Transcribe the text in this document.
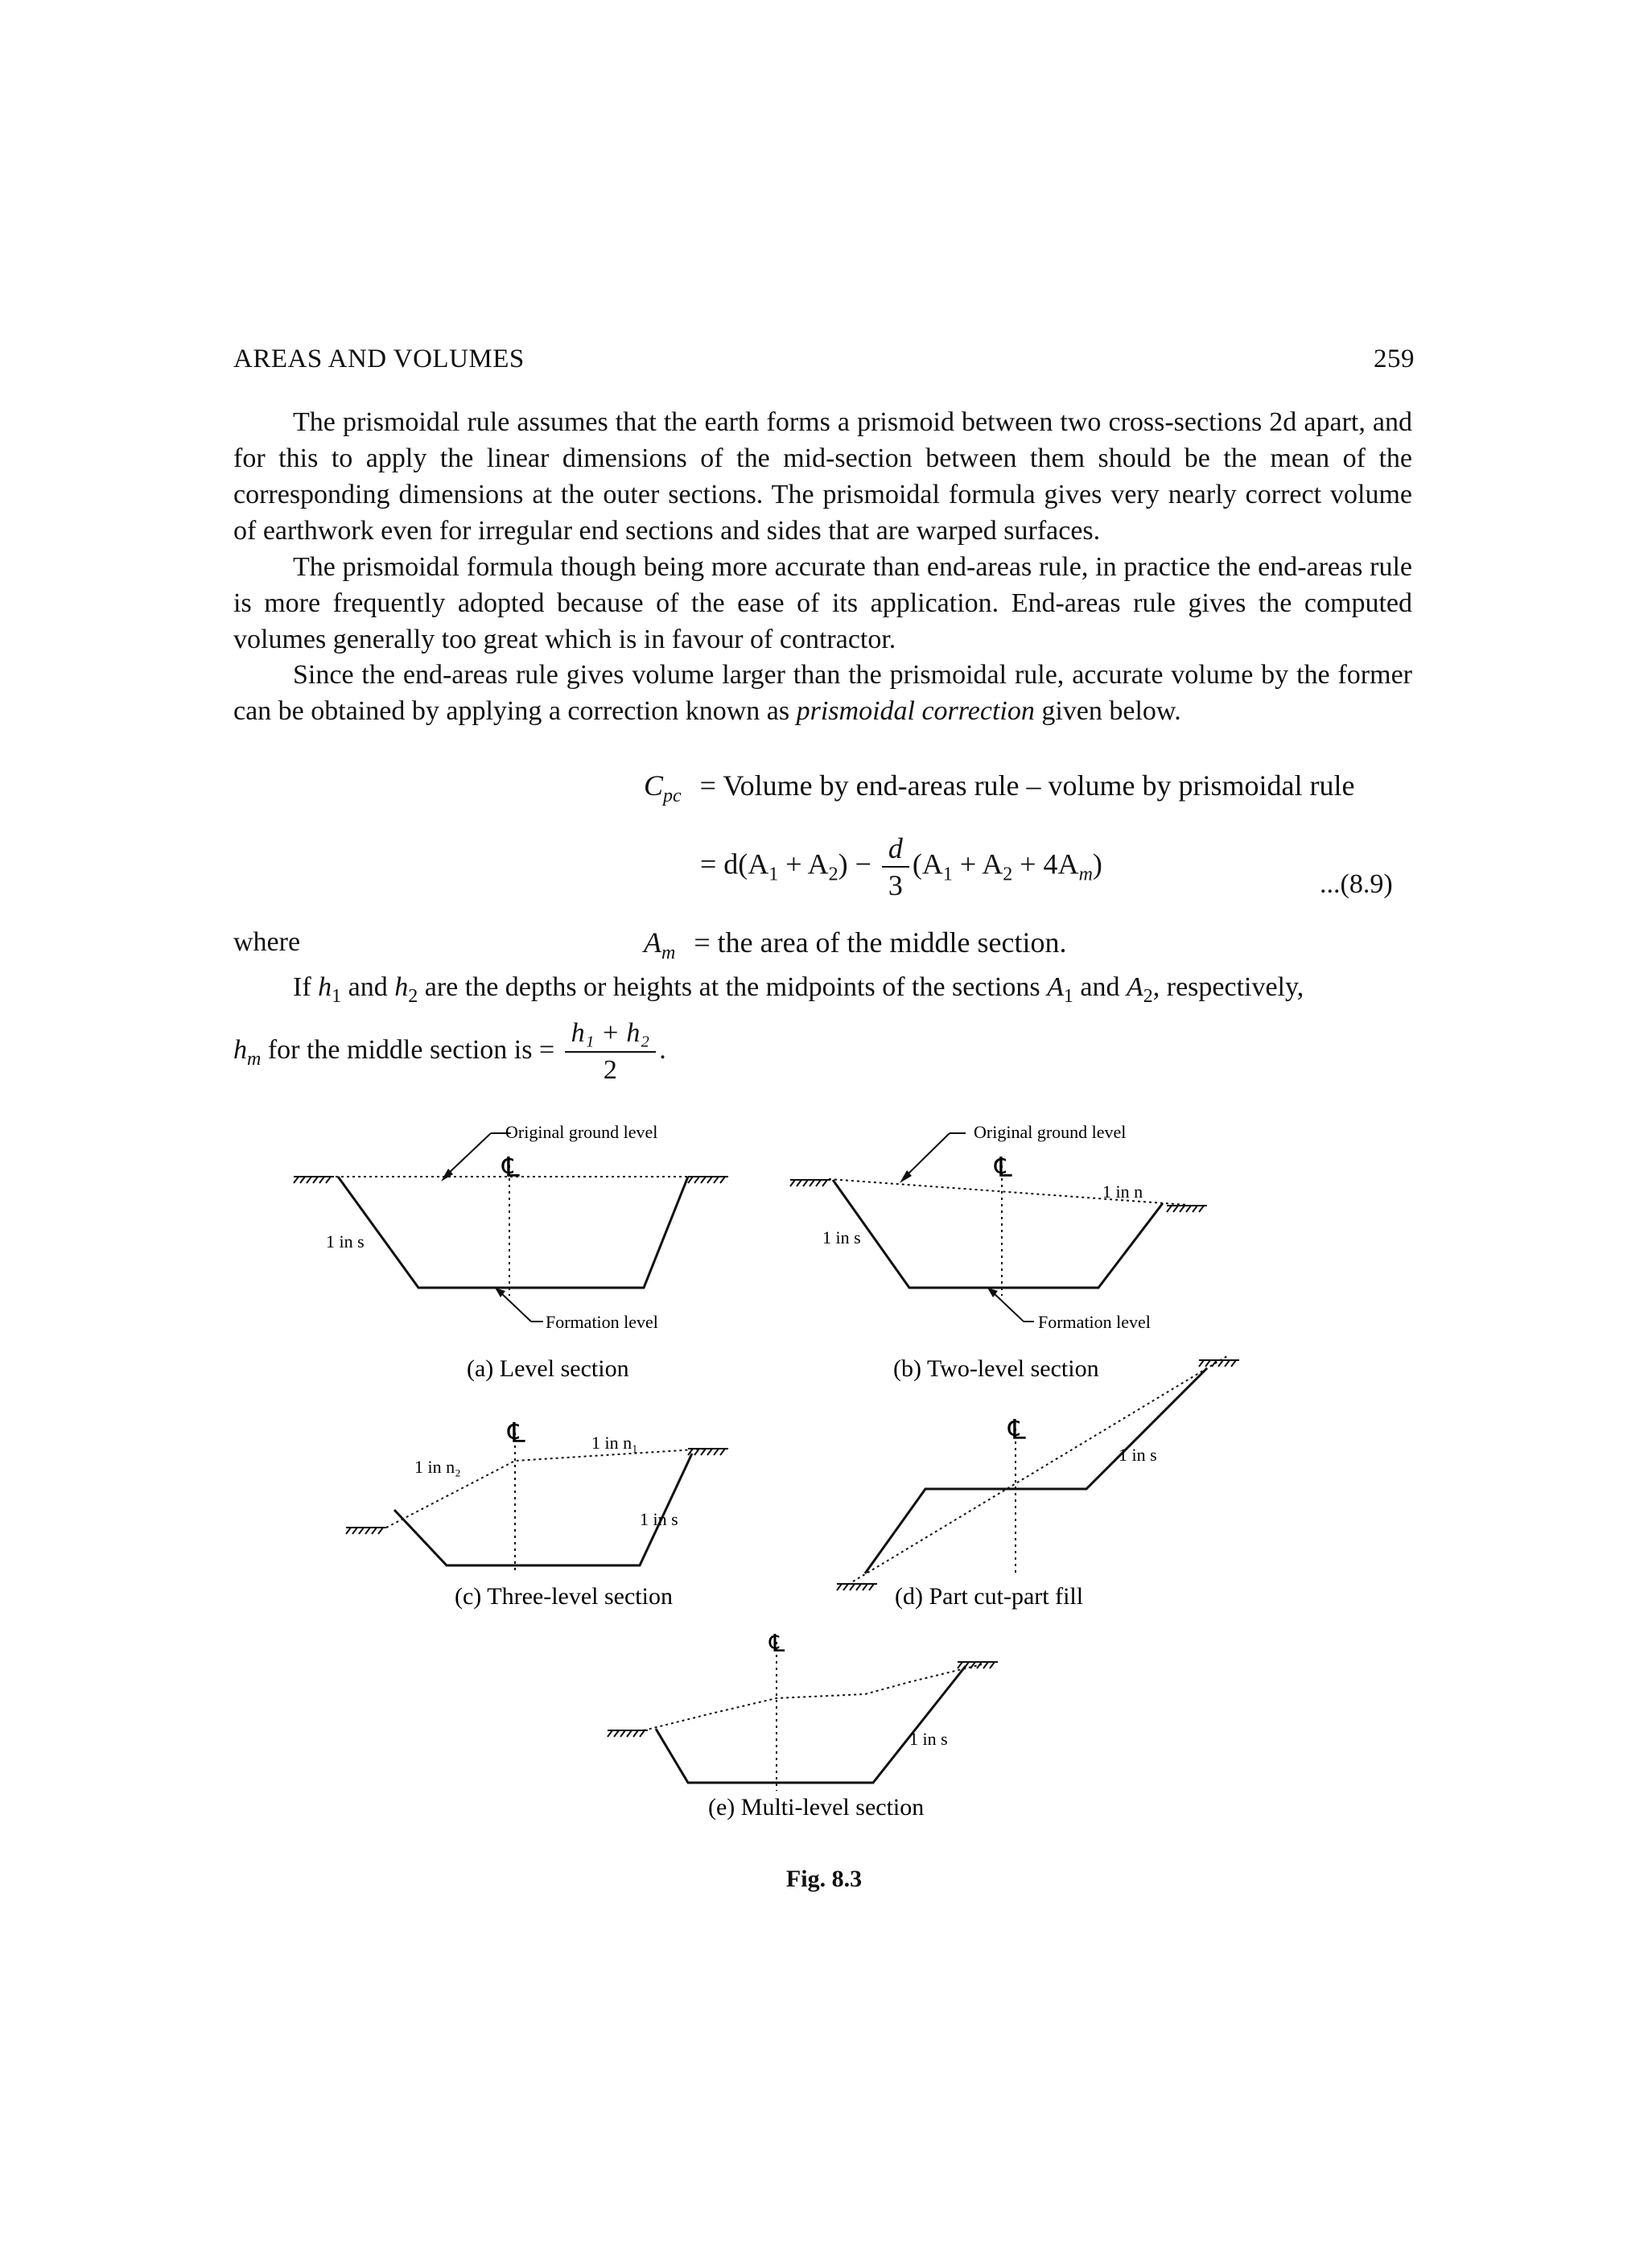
AREAS AND VOLUMES	259

The prismoidal rule assumes that the earth forms a prismoid between two cross-sections 2d apart, and for this to apply the linear dimensions of the mid-section between them should be the mean of the corresponding dimensions at the outer sections. The prismoidal formula gives very nearly correct volume of earthwork even for irregular end sections and sides that are warped surfaces.

The prismoidal formula though being more accurate than end-areas rule, in practice the end-areas rule is more frequently adopted because of the ease of its application. End-areas rule gives the computed volumes generally too great which is in favour of contractor.

Since the end-areas rule gives volume larger than the prismoidal rule, accurate volume by the former can be obtained by applying a correction known as prismoidal correction given below.

$C_{pc}$ = Volume by end-areas rule – volume by prismoidal rule
= $d(A_1 + A_2) - \frac{d}{3} (A_1 + A_2 + 4A_m)$
...(8.9)
where	$A_m$ = the area of the middle section.
If $h_1$ and $h_2$ are the depths or heights at the midpoints of the sections $A_1$ and $A_2$, respectively,
$h_m$ for the middle section is = $\frac{\text{h₁ + h₂}}{2}$ .
℄
Original ground level
1 in s
Formation level
(a) Level section
℄
Original ground level
1 in n
1 in s
Formation level
(b) Two-level section
℄	1 in n₁
1 in n₂
1 in s
(c) Three-level section
℄
1 in s
(d) Part cut-part fill
℄
1 in s
(e) Multi-level section
Fig. 8.3
